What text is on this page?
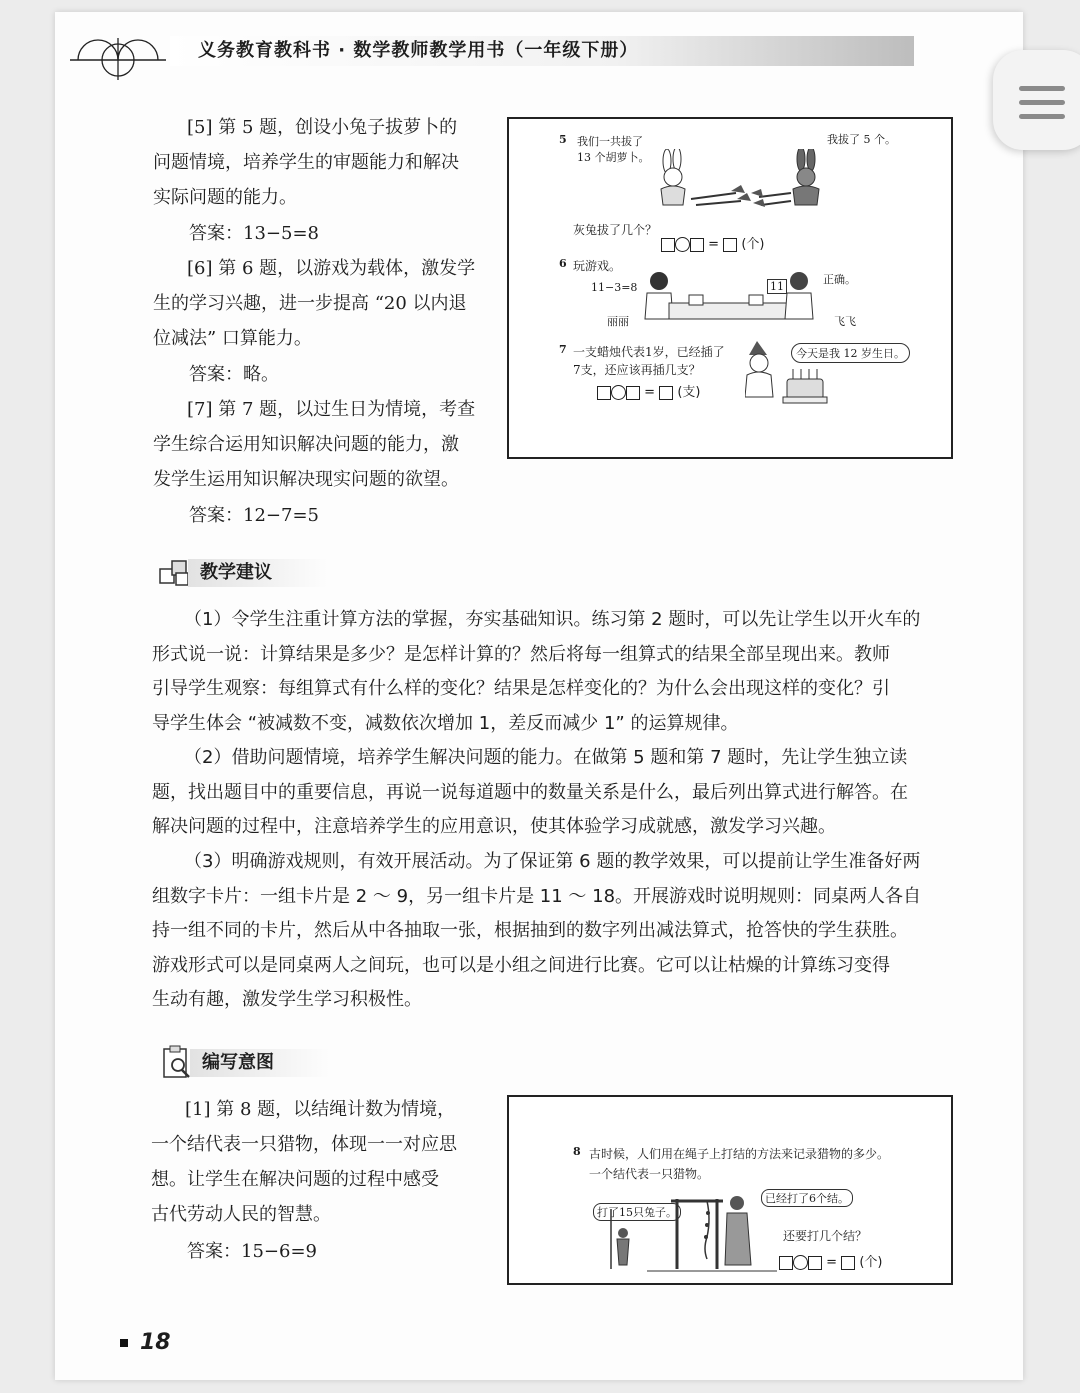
义务教育教科书 · 数学教师教学用书（一年级下册）
[5] 第 5 题，创设小兔子拔萝卜的
问题情境，培养学生的审题能力和解决
实际问题的能力。
答案：13−5=8
[6] 第 6 题，以游戏为载体，激发学
生的学习兴趣，进一步提高 “20 以内退
位减法” 口算能力。
答案：略。
[7] 第 7 题，以过生日为情境，考查
学生综合运用知识解决问题的能力，激
发学生运用知识解决现实问题的欲望。
答案：12−7=5
5 我们一共拔了
13 个胡萝卜。
我拔了 5 个。
灰兔拔了几个？
=  (个)
6 玩游戏。
11−3=8	11
正确。
丽丽	飞飞
7 一支蜡烛代表1岁，已经插了
7支，还应该再插几支？
=  (支)
今天是我 12 岁生日。
教学建议
（1）令学生注重计算方法的掌握，夯实基础知识。练习第 2 题时，可以先让学生以开火车的
形式说一说：计算结果是多少？是怎样计算的？然后将每一组算式的结果全部呈现出来。教师
引导学生观察：每组算式有什么样的变化？结果是怎样变化的？为什么会出现这样的变化？引
导学生体会 “被减数不变，减数依次增加 1，差反而减少 1” 的运算规律。
（2）借助问题情境，培养学生解决问题的能力。在做第 5 题和第 7 题时，先让学生独立读
题，找出题目中的重要信息，再说一说每道题中的数量关系是什么，最后列出算式进行解答。在
解决问题的过程中，注意培养学生的应用意识，使其体验学习成就感，激发学习兴趣。
（3）明确游戏规则，有效开展活动。为了保证第 6 题的教学效果，可以提前让学生准备好两
组数字卡片：一组卡片是 2 ～ 9，另一组卡片是 11 ～ 18。开展游戏时说明规则：同桌两人各自
持一组不同的卡片，然后从中各抽取一张，根据抽到的数字列出减法算式，抢答快的学生获胜。
游戏形式可以是同桌两人之间玩，也可以是小组之间进行比赛。它可以让枯燥的计算练习变得
生动有趣，激发学生学习积极性。
编写意图
[1] 第 8 题，以结绳计数为情境，
一个结代表一只猎物，体现一一对应思
想。让学生在解决问题的过程中感受
古代劳动人民的智慧。
答案：15−6=9
8 古时候，人们用在绳子上打结的方法来记录猎物的多少。
一个结代表一只猎物。
打了15只兔子。
已经打了6个结。
还要打几个结？
=  (个)
18
